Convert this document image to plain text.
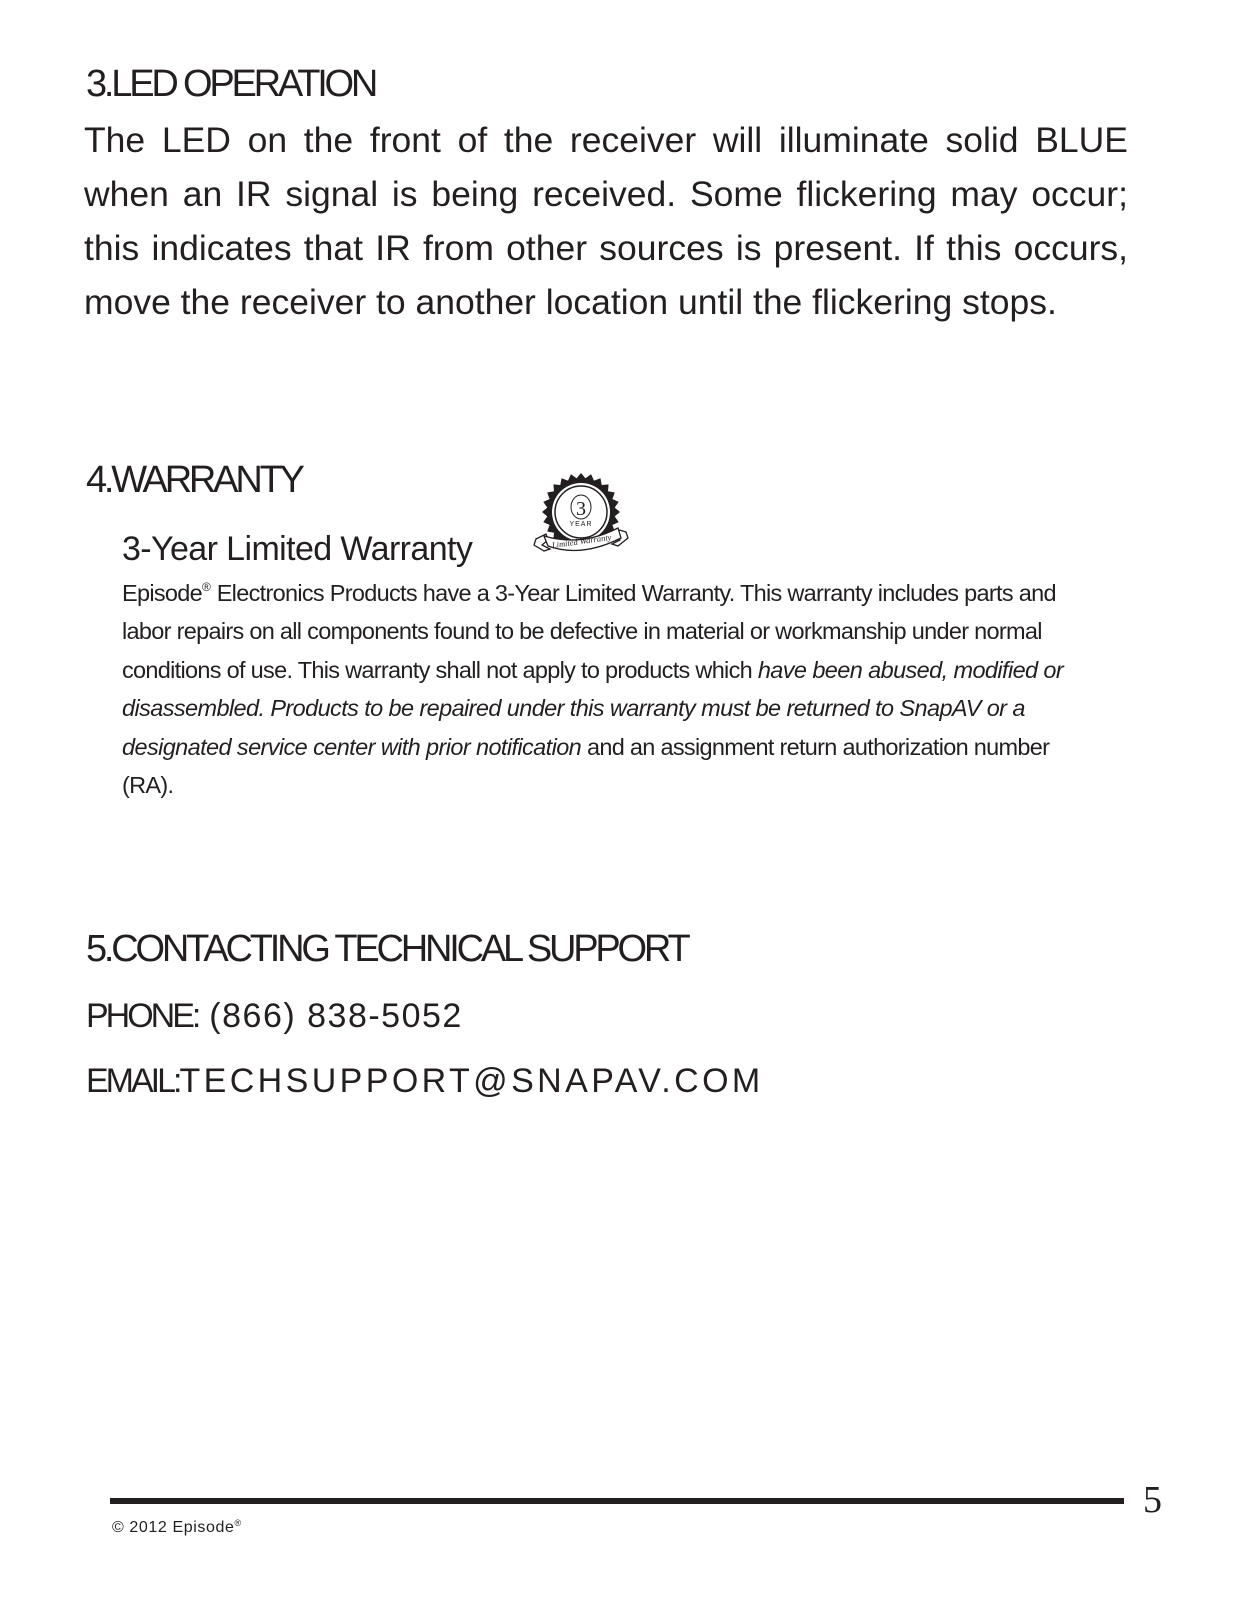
3.LED OPERATION
The LED on the front of the receiver will illuminate solid BLUE
when an IR signal is being received. Some flickering may occur;
this indicates that IR from other sources is present. If this occurs,
move the receiver to another location until the flickering stops.
4.WARRANTY
3-Year Limited Warranty
3
YEAR
Limited Warranty

Episode® Electronics Products have a 3-Year Limited Warranty. This warranty includes parts and labor repairs on all components found to be defective in material or workmanship under normal conditions of use. This warranty shall not apply to products which have been abused, modified or disassembled. Products to be repaired under this warranty must be returned to SnapAV or a designated service center with prior notification and an assignment return authorization number (RA).

5.CONTACTING TECHNICAL SUPPORT

PHONE: (866) 838-5052

EMAIL:TECHSUPPORT@SNAPAV.COM

5

© 2012 Episode®
